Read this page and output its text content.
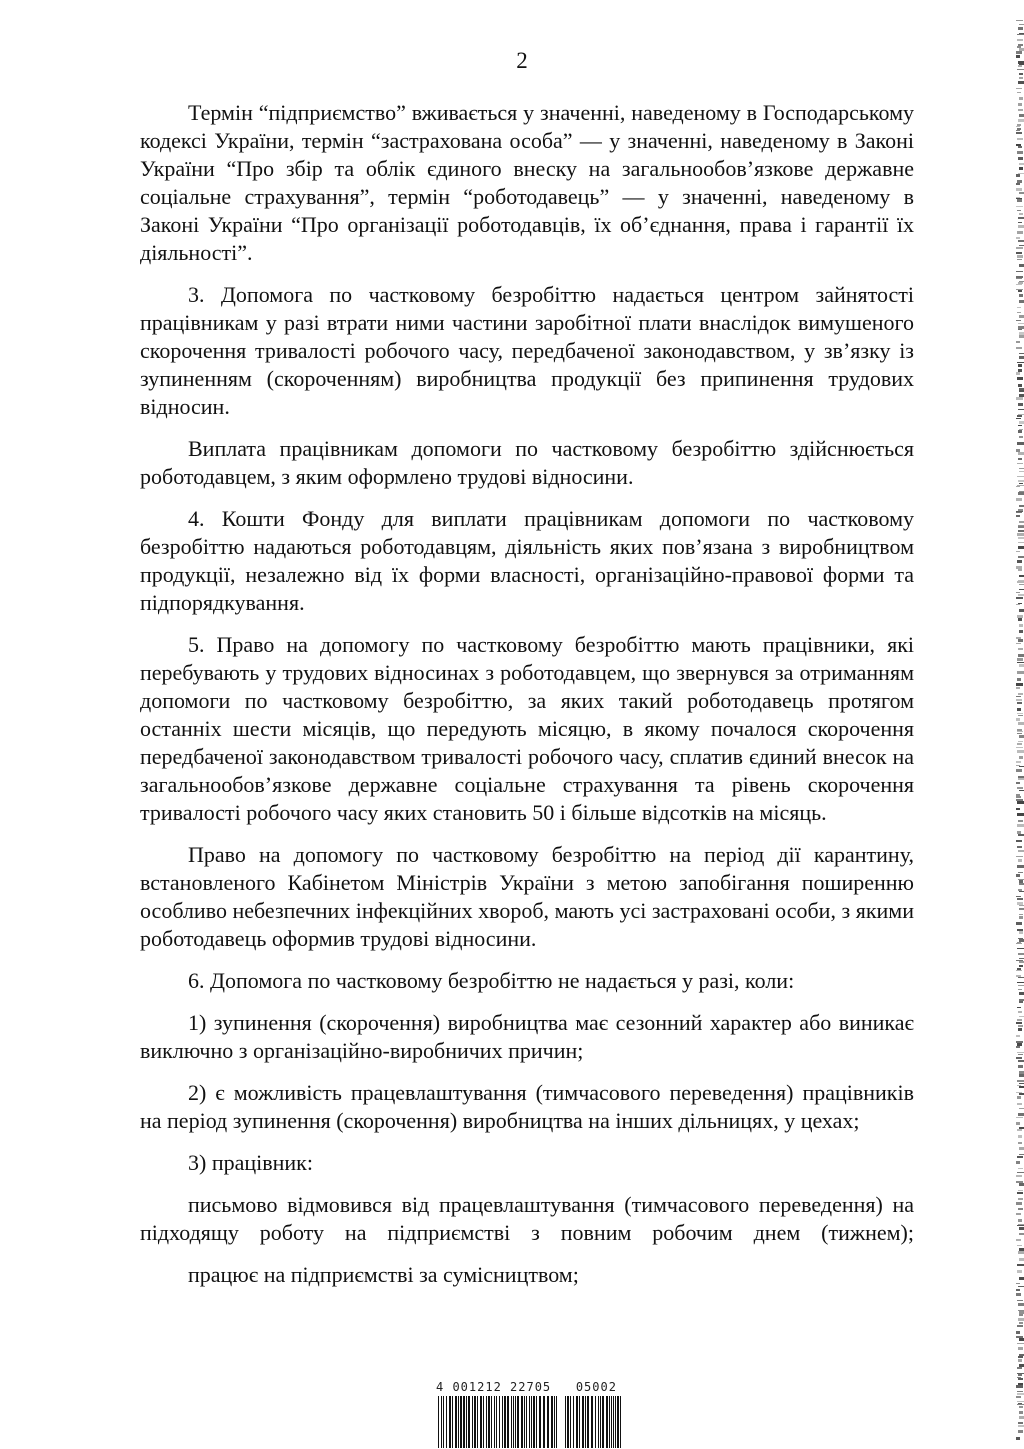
2

Термін “підприємство” вживається у значенні, наведеному в Господарському кодексі України, термін “застрахована особа” — у значенні, наведеному в Законі України “Про збір та облік єдиного внеску на загальнообов’язкове державне соціальне страхування”, термін “роботодавець” — у значенні, наведеному в Законі України “Про організації роботодавців, їх об’єднання, права і гарантії їх діяльності”.

3. Допомога по частковому безробіттю надається центром зайнятості працівникам у разі втрати ними частини заробітної плати внаслідок вимушеного скорочення тривалості робочого часу, передбаченої законодавством, у зв’язку із зупиненням (скороченням) виробництва продукції без припинення трудових відносин.

Виплата працівникам допомоги по частковому безробіттю здійснюється роботодавцем, з яким оформлено трудові відносини.

4. Кошти Фонду для виплати працівникам допомоги по частковому безробіттю надаються роботодавцям, діяльність яких пов’язана з виробництвом продукції, незалежно від їх форми власності, організаційно-правової форми та підпорядкування.

5. Право на допомогу по частковому безробіттю мають працівники, які перебувають у трудових відносинах з роботодавцем, що звернувся за отриманням допомоги по частковому безробіттю, за яких такий роботодавець протягом останніх шести місяців, що передують місяцю, в якому почалося скорочення передбаченої законодавством тривалості робочого часу, сплатив єдиний внесок на загальнообов’язкове державне соціальне страхування та рівень скорочення тривалості робочого часу яких становить 50 і більше відсотків на місяць.

Право на допомогу по частковому безробіттю на період дії карантину, встановленого Кабінетом Міністрів України з метою запобігання поширенню особливо небезпечних інфекційних хвороб, мають усі застраховані особи, з якими роботодавець оформив трудові відносини.

6. Допомога по частковому безробіттю не надається у разі, коли:

1) зупинення (скорочення) виробництва має сезонний характер або виникає виключно з організаційно-виробничих причин;

2) є можливість працевлаштування (тимчасового переведення) працівників на період зупинення (скорочення) виробництва на інших дільницях, у цехах;

3) працівник:

письмово відмовився від працевлаштування (тимчасового переведення) на підходящу роботу на підприємстві з повним робочим днем (тижнем);

працює на підприємстві за сумісництвом;

4 001212 22705   05002
